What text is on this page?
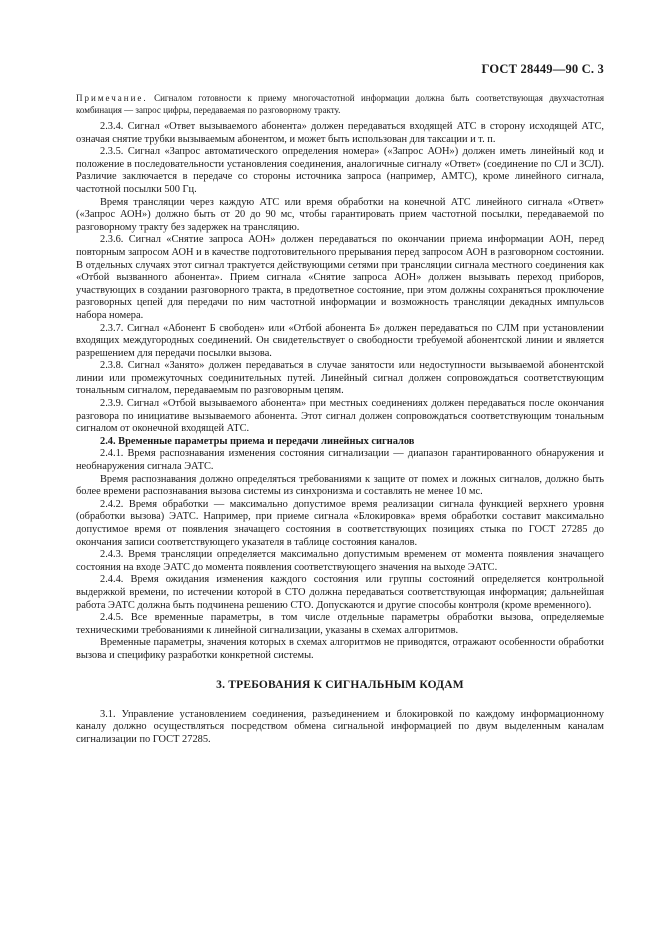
ГОСТ 28449—90 С. 3
Примечание. Сигналом готовности к приему многочастотной информации должна быть соответствующая двухчастотная комбинация — запрос цифры, передаваемая по разговорному тракту.

2.3.4. Сигнал «Ответ вызываемого абонента» должен передаваться входящей АТС в сторону исходящей АТС, означая снятие трубки вызываемым абонентом, и может быть использован для таксации и т. п.

2.3.5. Сигнал «Запрос автоматического определения номера» («Запрос АОН») должен иметь линейный код и положение в последовательности установления соединения, аналогичные сигналу «Ответ» (соединение по СЛ и ЗСЛ). Различие заключается в передаче со стороны источника запроса (например, АМТС), кроме линейного сигнала, частотной посылки 500 Гц.

Время трансляции через каждую АТС или время обработки на конечной АТС линейного сигнала «Ответ» («Запрос АОН») должно быть от 20 до 90 мс, чтобы гарантировать прием частотной посылки, передаваемой по разговорному тракту без задержек на трансляцию.

2.3.6. Сигнал «Снятие запроса АОН» должен передаваться по окончании приема информации АОН, перед повторным запросом АОН и в качестве подготовительного прерывания перед запросом АОН в разговорном состоянии. В отдельных случаях этот сигнал трактуется действующими сетями при трансляции сигнала местного соединения как «Отбой вызванного абонента». Прием сигнала «Снятие запроса АОН» должен вызывать переход приборов, участвующих в создании разговорного тракта, в предответное состояние, при этом должны сохраняться проключение разговорных цепей для передачи по ним частотной информации и возможность трансляции декадных импульсов набора номера.

2.3.7. Сигнал «Абонент Б свободен» или «Отбой абонента Б» должен передаваться по СЛМ при установлении входящих междугородных соединений. Он свидетельствует о свободности требуемой абонентской линии и является разрешением для передачи посылки вызова.

2.3.8. Сигнал «Занято» должен передаваться в случае занятости или недоступности вызываемой абонентской линии или промежуточных соединительных путей. Линейный сигнал должен сопровождаться соответствующим тональным сигналом, передаваемым по разговорным цепям.

2.3.9. Сигнал «Отбой вызываемого абонента» при местных соединениях должен передаваться после окончания разговора по инициативе вызываемого абонента. Этот сигнал должен сопровождаться соответствующим тональным сигналом от оконечной входящей АТС.

2.4. Временные параметры приема и передачи линейных сигналов

2.4.1. Время распознавания изменения состояния сигнализации — диапазон гарантированного обнаружения и необнаружения сигнала ЭАТС.

Время распознавания должно определяться требованиями к защите от помех и ложных сигналов, должно быть более времени распознавания вызова системы из синхронизма и составлять не менее 10 мс.

2.4.2. Время обработки — максимально допустимое время реализации сигнала функцией верхнего уровня (обработки вызова) ЭАТС. Например, при приеме сигнала «Блокировка» время обработки составит максимально допустимое время от появления значащего состояния в соответствующих позициях стыка по ГОСТ 27285 до окончания записи соответствующего указателя в таблице состояния каналов.

2.4.3. Время трансляции определяется максимально допустимым временем от момента появления значащего состояния на входе ЭАТС до момента появления соответствующего значения на выходе ЭАТС.

2.4.4. Время ожидания изменения каждого состояния или группы состояний определяется контрольной выдержкой времени, по истечении которой в СТО должна передаваться соответствующая информация; дальнейшая работа ЭАТС должна быть подчинена решению СТО. Допускаются и другие способы контроля (кроме временного).

2.4.5. Все временные параметры, в том числе отдельные параметры обработки вызова, определяемые техническими требованиями к линейной сигнализации, указаны в схемах алгоритмов.

Временные параметры, значения которых в схемах алгоритмов не приводятся, отражают особенности обработки вызова и специфику разработки конкретной системы.

3. ТРЕБОВАНИЯ К СИГНАЛЬНЫМ КОДАМ

3.1. Управление установлением соединения, разъединением и блокировкой по каждому информационному каналу должно осуществляться посредством обмена сигнальной информацией по двум выделенным каналам сигнализации по ГОСТ 27285.
